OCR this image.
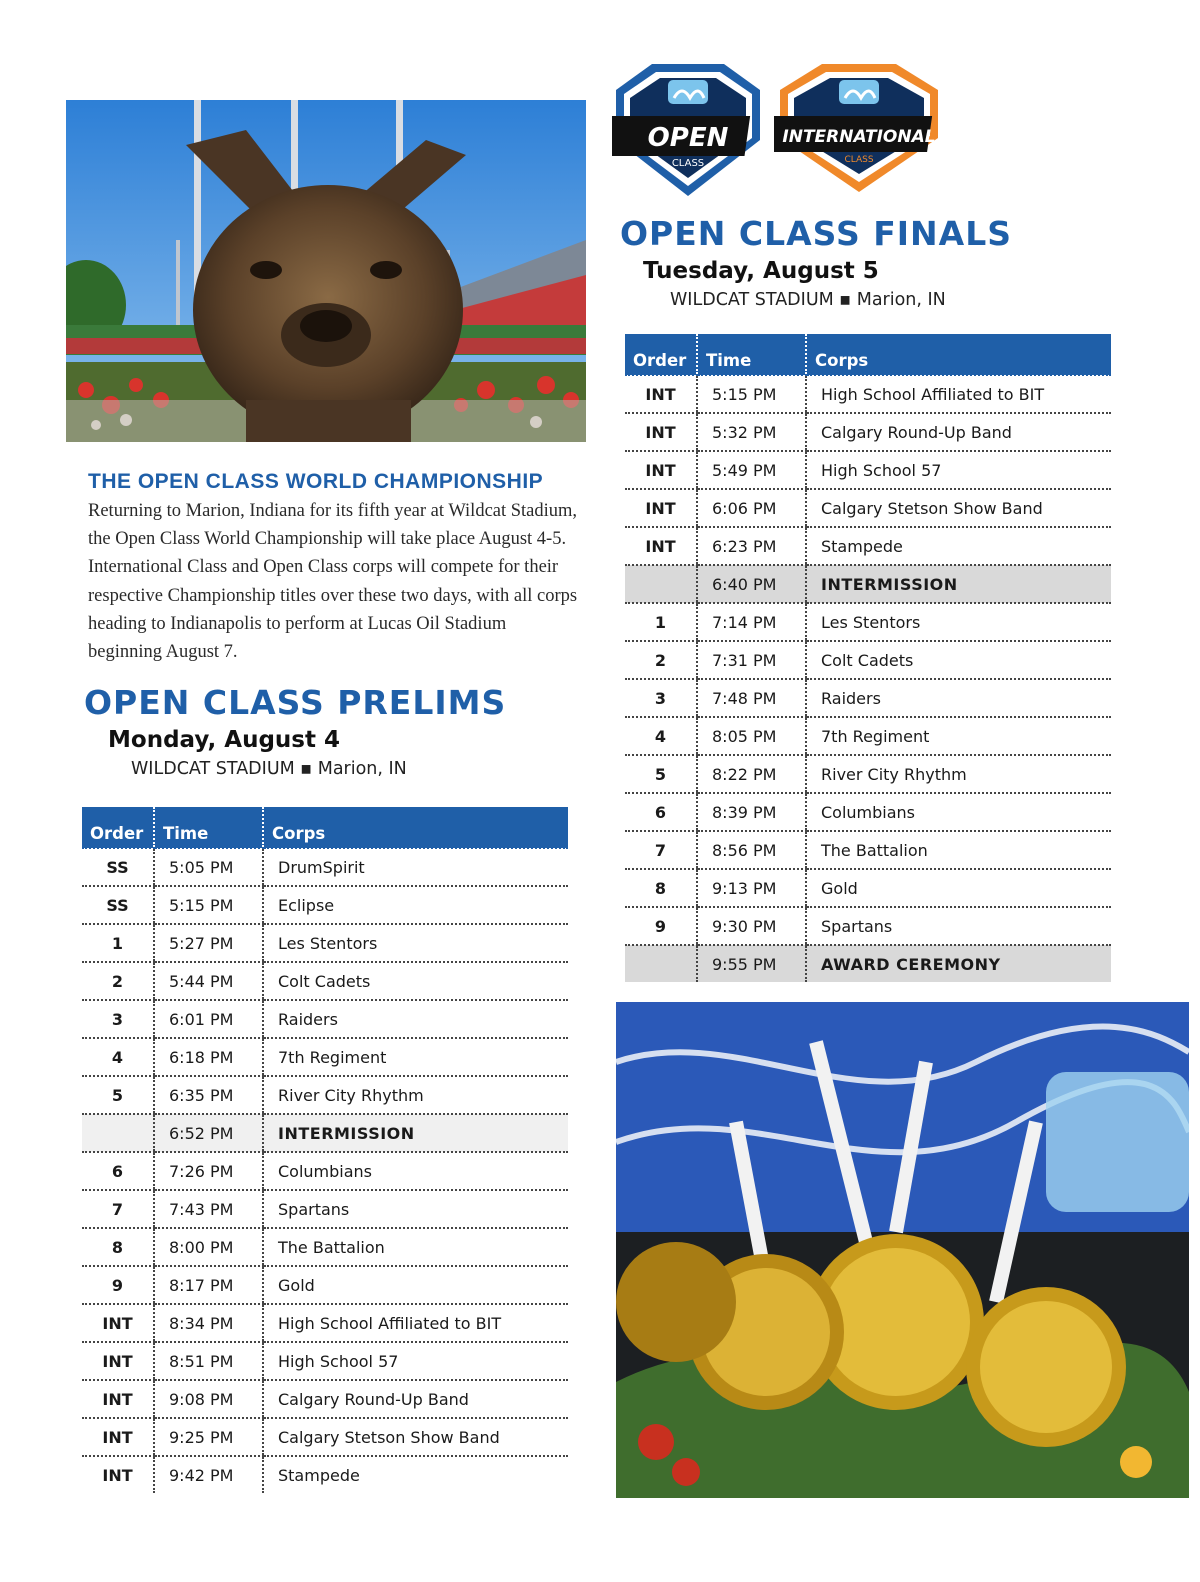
OPEN
CLASS
INTERNATIONAL
CLASS
OPEN CLASS FINALS
Tuesday, August 5
WILDCAT STADIUM ▪ Marion, IN
Order	Time	Corps
INT	5:15 PM	High School Affiliated to BIT
INT	5:32 PM	Calgary Round-Up Band
INT	5:49 PM	High School 57
INT	6:06 PM	Calgary Stetson Show Band
INT	6:23 PM	Stampede
	6:40 PM	INTERMISSION
1	7:14 PM	Les Stentors
2	7:31 PM	Colt Cadets
3	7:48 PM	Raiders
4	8:05 PM	7th Regiment
5	8:22 PM	River City Rhythm
6	8:39 PM	Columbians
7	8:56 PM	The Battalion
8	9:13 PM	Gold
9	9:30 PM	Spartans
	9:55 PM	AWARD CEREMONY
THE OPEN CLASS WORLD CHAMPIONSHIP
Returning to Marion, Indiana for its fifth year at Wildcat Stadium, the Open Class World Championship will take place August 4-5. International Class and Open Class corps will compete for their respective Championship titles over these two days, with all corps heading to Indianapolis to perform at Lucas Oil Stadium beginning August 7.
OPEN CLASS PRELIMS
Monday, August 4
WILDCAT STADIUM ▪ Marion, IN
Order	Time	Corps
SS	5:05 PM	DrumSpirit
SS	5:15 PM	Eclipse
1	5:27 PM	Les Stentors
2	5:44 PM	Colt Cadets
3	6:01 PM	Raiders
4	6:18 PM	7th Regiment
5	6:35 PM	River City Rhythm
	6:52 PM	INTERMISSION
6	7:26 PM	Columbians
7	7:43 PM	Spartans
8	8:00 PM	The Battalion
9	8:17 PM	Gold
INT	8:34 PM	High School Affiliated to BIT
INT	8:51 PM	High School 57
INT	9:08 PM	Calgary Round-Up Band
INT	9:25 PM	Calgary Stetson Show Band
INT	9:42 PM	Stampede
